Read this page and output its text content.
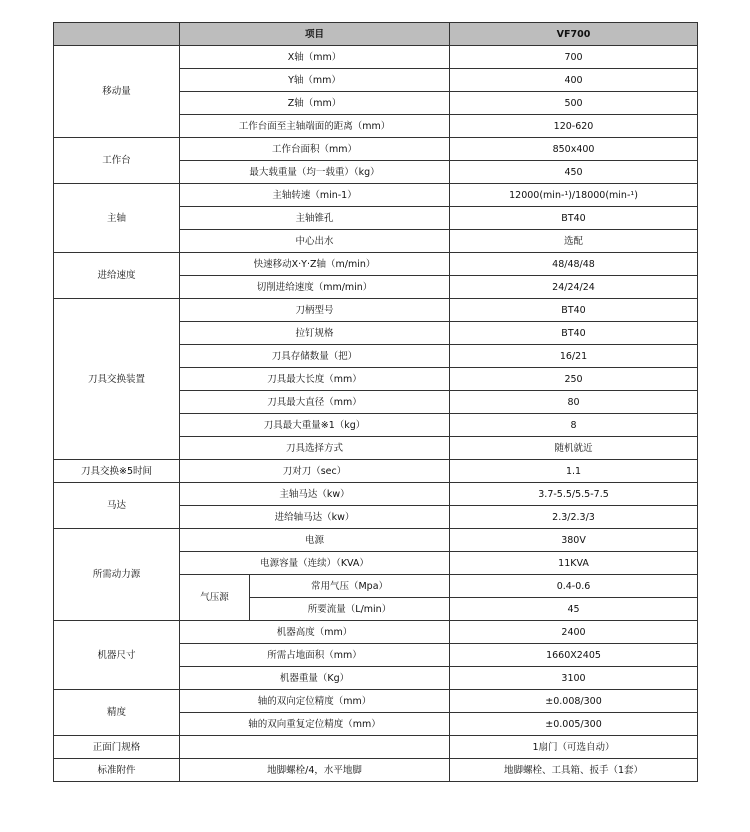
	项目		VF700
移动量	X轴（mm）		700
	Y轴（mm）		400
	Z轴（mm）		500
	工作台面至主轴端面的距离（mm）		120-620
工作台	工作台面积（mm）		850x400
	最大载重量（均一载重）（kg）		450
主轴	主轴转速（min-1）		12000(min-¹)/18000(min-¹)
	主轴锥孔		BT40
	中心出水		选配
进给速度	快速移动X·Y·Z轴（m/min）		48/48/48
	切削进给速度（mm/min）		24/24/24
刀具交换装置	刀柄型号		BT40
	拉钉规格		BT40
	刀具存储数量（把）		16/21
	刀具最大长度（mm）		250
	刀具最大直径（mm）		80
	刀具最大重量※1（kg）		8
	刀具选择方式		随机就近
刀具交换※5时间	刀对刀（sec）		1.1
马达	主轴马达（kw）		3.7-5.5/5.5-7.5
	进给轴马达（kw）		2.3/2.3/3
所需动力源	电源		380V
	电源容量（连续）（KVA）		11KVA
	气压源	常用气压（Mpa）	0.4-0.6
		所要流量（L/min）	45
机器尺寸	机器高度（mm）		2400
	所需占地面积（mm）		1660X2405
	机器重量（Kg）		3100
精度	轴的双向定位精度（mm）		±0.008/300
	轴的双向重复定位精度（mm）		±0.005/300
正面门规格			1扇门（可选自动）
标准附件	地脚螺栓/4，水平地脚		地脚螺栓、工具箱、扳手（1套）
